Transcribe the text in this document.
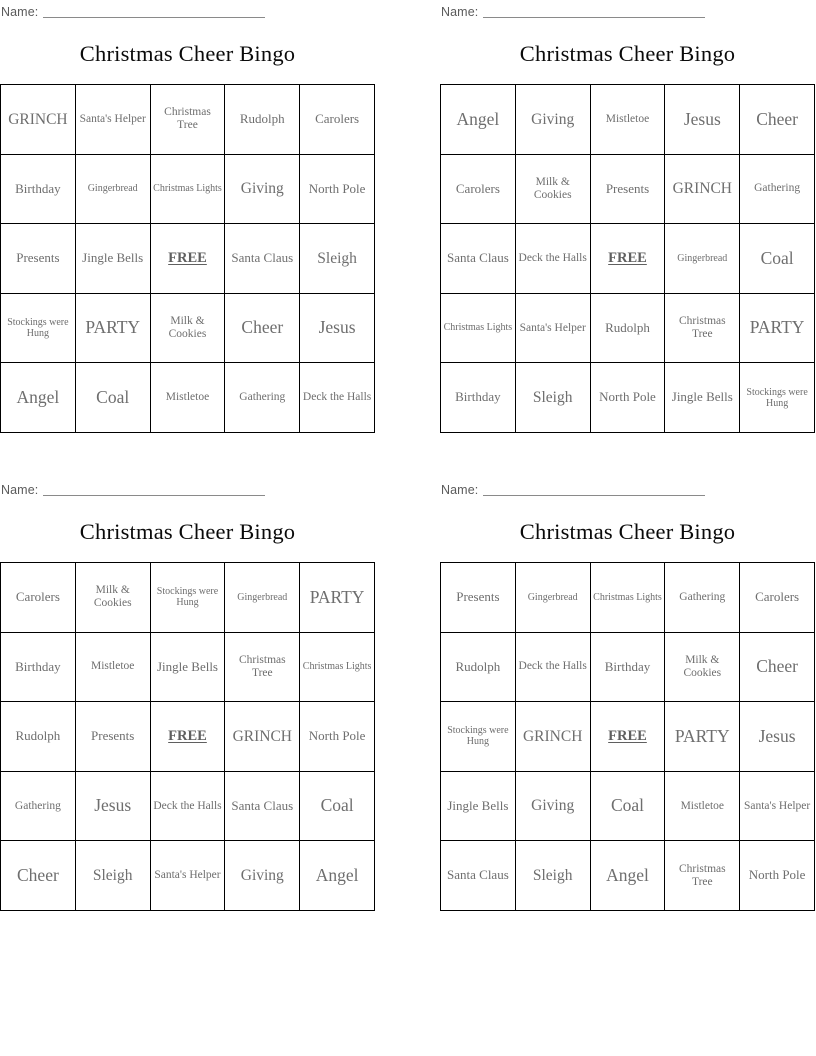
Name:
Christmas Cheer Bingo
GRINCH	Santa's Helper	Christmas Tree	Rudolph	Carolers
Birthday	Gingerbread	Christmas Lights	Giving	North Pole
Presents	Jingle Bells	FREE	Santa Claus	Sleigh
Stockings were Hung	PARTY	Milk & Cookies	Cheer	Jesus
Angel	Coal	Mistletoe	Gathering	Deck the Halls
Name:
Christmas Cheer Bingo
Angel	Giving	Mistletoe	Jesus	Cheer
Carolers	Milk & Cookies	Presents	GRINCH	Gathering
Santa Claus	Deck the Halls	FREE	Gingerbread	Coal
Christmas Lights	Santa's Helper	Rudolph	Christmas Tree	PARTY
Birthday	Sleigh	North Pole	Jingle Bells	Stockings were Hung
Name:
Christmas Cheer Bingo
Carolers	Milk & Cookies	Stockings were Hung	Gingerbread	PARTY
Birthday	Mistletoe	Jingle Bells	Christmas Tree	Christmas Lights
Rudolph	Presents	FREE	GRINCH	North Pole
Gathering	Jesus	Deck the Halls	Santa Claus	Coal
Cheer	Sleigh	Santa's Helper	Giving	Angel
Name:
Christmas Cheer Bingo
Presents	Gingerbread	Christmas Lights	Gathering	Carolers
Rudolph	Deck the Halls	Birthday	Milk & Cookies	Cheer
Stockings were Hung	GRINCH	FREE	PARTY	Jesus
Jingle Bells	Giving	Coal	Mistletoe	Santa's Helper
Santa Claus	Sleigh	Angel	Christmas Tree	North Pole
